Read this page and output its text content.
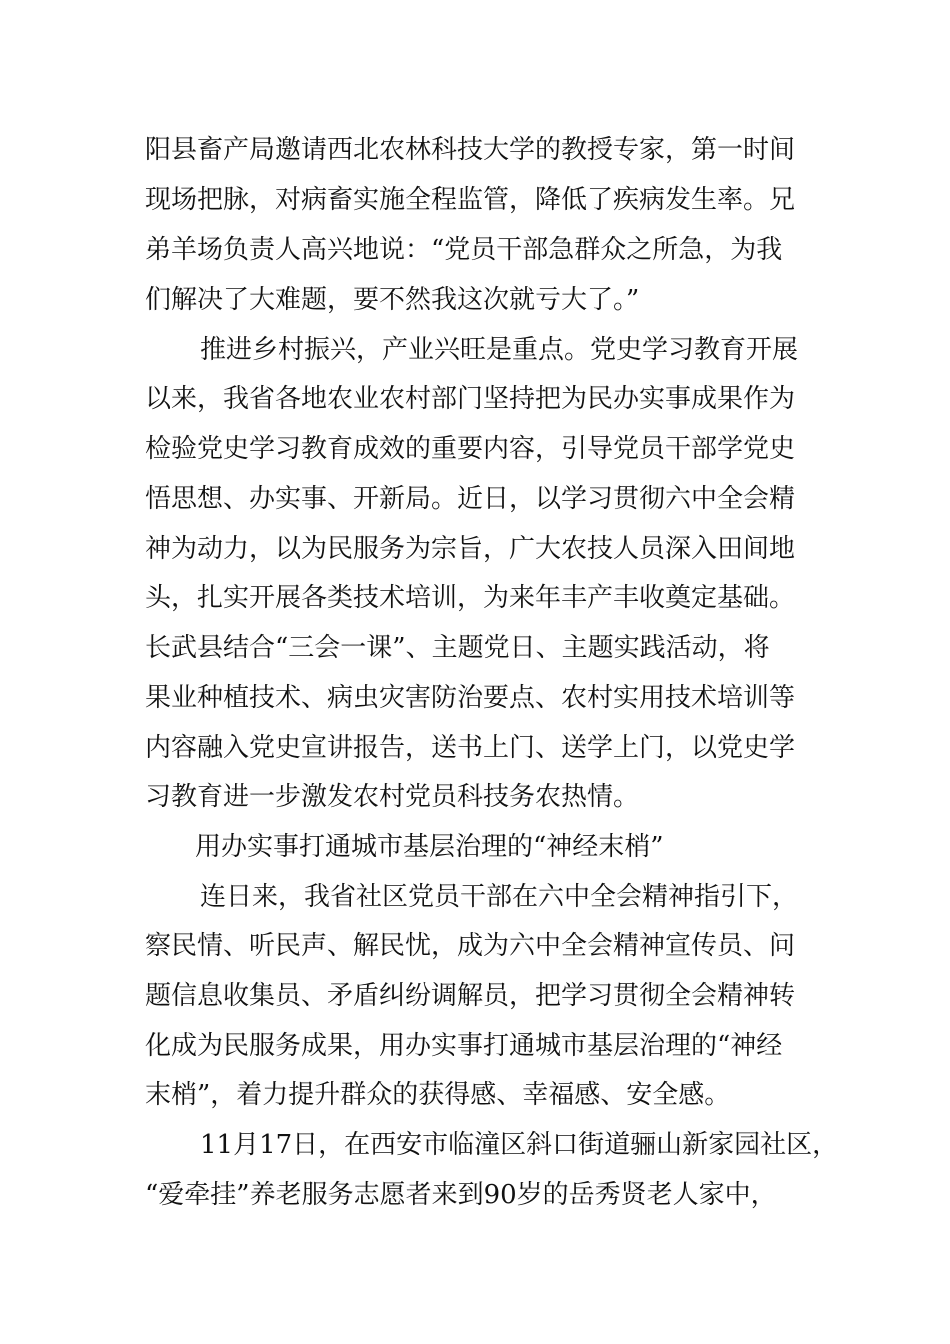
阳县畜产局邀请西北农林科技大学的教授专家，第一时间
现场把脉，对病畜实施全程监管，降低了疾病发生率。兄
弟羊场负责人高兴地说：“党员干部急群众之所急，为我
们解决了大难题，要不然我这次就亏大了。”
推进乡村振兴，产业兴旺是重点。党史学习教育开展
以来，我省各地农业农村部门坚持把为民办实事成果作为
检验党史学习教育成效的重要内容，引导党员干部学党史
悟思想、办实事、开新局。近日，以学习贯彻六中全会精
神为动力，以为民服务为宗旨，广大农技人员深入田间地
头，扎实开展各类技术培训，为来年丰产丰收奠定基础。
长武县结合“三会一课”、主题党日、主题实践活动，将
果业种植技术、病虫灾害防治要点、农村实用技术培训等
内容融入党史宣讲报告，送书上门、送学上门，以党史学
习教育进一步激发农村党员科技务农热情。
用办实事打通城市基层治理的“神经末梢”
连日来，我省社区党员干部在六中全会精神指引下，
察民情、听民声、解民忧，成为六中全会精神宣传员、问
题信息收集员、矛盾纠纷调解员，把学习贯彻全会精神转
化成为民服务成果，用办实事打通城市基层治理的“神经
末梢”，着力提升群众的获得感、幸福感、安全感。
11月17日，在西安市临潼区斜口街道骊山新家园社区，
“爱牵挂”养老服务志愿者来到90岁的岳秀贤老人家中，
